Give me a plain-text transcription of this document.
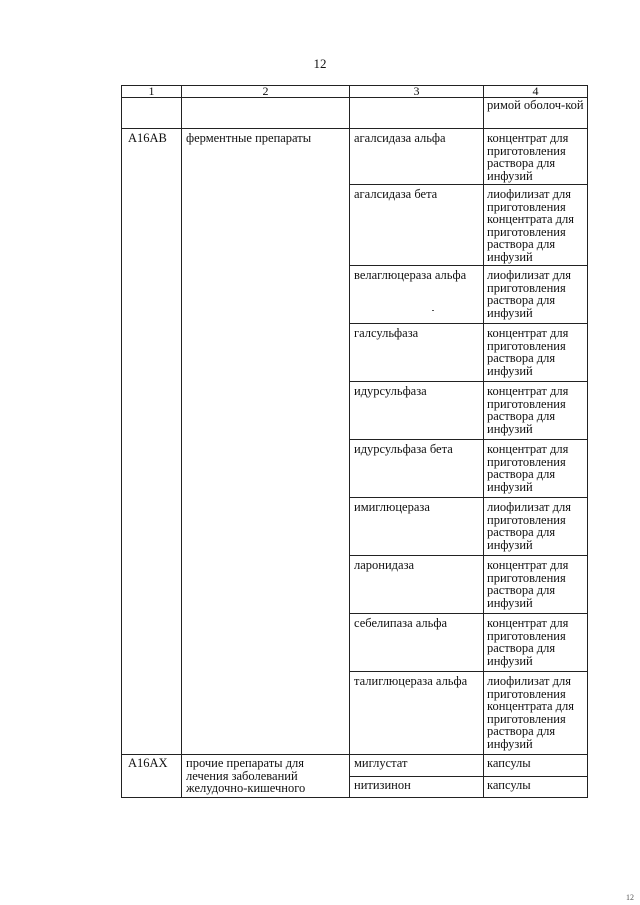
12
1	2	3	4
			римой оболоч-кой
A16AB	ферментные препараты	агалсидаза альфа	концентрат для приготовления раствора для инфузий
		агалсидаза бета	лиофилизат для приготовления концентрата для приготовления раствора для инфузий
		велаглюцераза альфа	лиофилизат для приготовления раствора для инфузий
		галсульфаза	концентрат для приготовления раствора для инфузий
		идурсульфаза	концентрат для приготовления раствора для инфузий
		идурсульфаза бета	концентрат для приготовления раствора для инфузий
		имиглюцераза	лиофилизат для приготовления раствора для инфузий
		ларонидаза	концентрат для приготовления раствора для инфузий
		себелипаза альфа	концентрат для приготовления раствора для инфузий
		талиглюцераза альфа	лиофилизат для приготовления концентрата для приготовления раствора для инфузий
A16AX	прочие препараты для лечения заболеваний желудочно-кишечного	миглустат	капсулы
		нитизинон	капсулы
12
